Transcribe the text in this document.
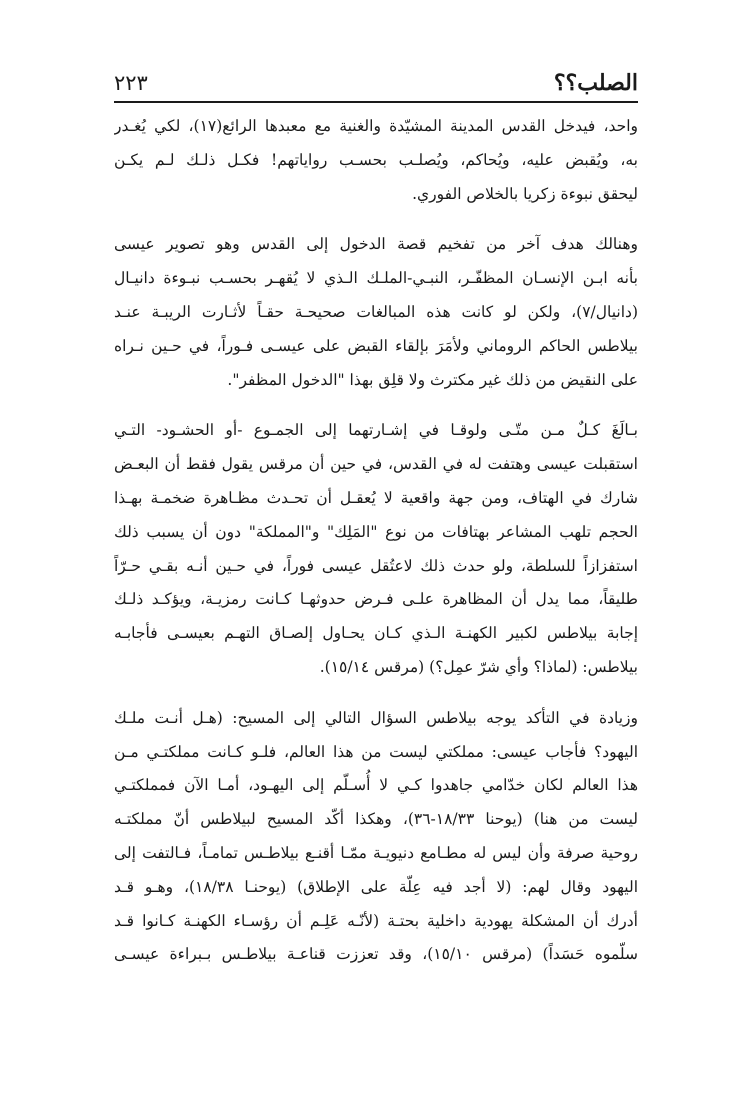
الصلب؟؟
٢٢٣
واحد، فيدخل القدس المدينة المشيّدة والغنية مع معبدها الرائع(١٧)، لكي يُغـدر
به، ويُقبض عليه، ويُحاكم، ويُصلـب بحسـب رواياتهم! فكـل ذلـك لـم يكـن
ليحقق نبوءة زكريا بالخلاص الفوري.
وهنالك هدف آخر من تفخيم قصة الدخول إلى القدس وهو تصوير عيسى
بأنه ابـن الإنسـان المظفّـر، النبـي-الملـك الـذي لا يُقهـر بحسـب نبـوءة دانيـال
(دانيال/٧)، ولكن لو كانت هذه المبالغات صحيحـة حقـاً لأثـارت الريبـة عنـد
بيلاطس الحاكم الروماني ولأمَرَ بإلقاء القبض على عيسـى فـوراً، في حـين نـراه
على النقيض من ذلك غير مكترث ولا قلِق بهذا "الدخول المظفر".
بـالَغَ كـلٌ مـن متّـى ولوقـا في إشـارتهما إلى الجمـوع -أو الحشـود- التـي
استقبلت عيسى وهتفت له في القدس، في حين أن مرقس يقول فقط أن البعـض
شارك في الهتاف، ومن جهة واقعية لا يُعقـل أن تحـدث مظـاهرة ضخمـة بهـذا
الحجم تلهب المشاعر بهتافات من نوع "المَلِك" و"المملكة" دون أن يسبب ذلك
استفزازاً للسلطة، ولو حدث ذلك لاعتُقل عيسى فوراً، في حـين أنـه بقـي حـرّاً
طليقاً، مما يدل أن المظاهرة علـى فـرض حدوثهـا كـانت رمزيـة، ويؤكـد ذلـك
إجابة بيلاطس لكبير الكهنـة الـذي كـان يحـاول إلصـاق التهـم بعيسـى فأجابـه
بيلاطس: (لماذا؟ وأي شرّ عمِل؟) (مرقس ١٥/١٤).
وزيادة في التأكد يوجه بيلاطس السؤال التالي إلى المسيح: (هـل أنـت ملـك
اليهود؟ فأجاب عيسى: مملكتي ليست من هذا العالم، فلـو كـانت مملكتـي مـن
هذا العالم لكان خدّامي جاهدوا كـي لا أُسـلّم إلى اليهـود، أمـا الآن فمملكتـي
ليست من هنا) (يوحنا ١٨/٣٣-٣٦)، وهكذا أكّد المسيح لبيلاطس أنّ مملكتـه
روحية صرفة وأن ليس له مطـامع دنيويـة ممّـا أقنـع بيلاطـس تمامـاً، فـالتفت إلى
اليهود وقال لهم: (لا أجد فيه عِلّة على الإطلاق) (يوحنـا ١٨/٣٨)، وهـو قـد
أدرك أن المشكلة يهودية داخلية بحتـة (لأنّـه عَلِـم أن رؤسـاء الكهنـة كـانوا قـد
سلّموه حَسَداً) (مرقس ١٥/١٠)، وقد تعززت قناعـة بيلاطـس بـبراءة عيسـى
